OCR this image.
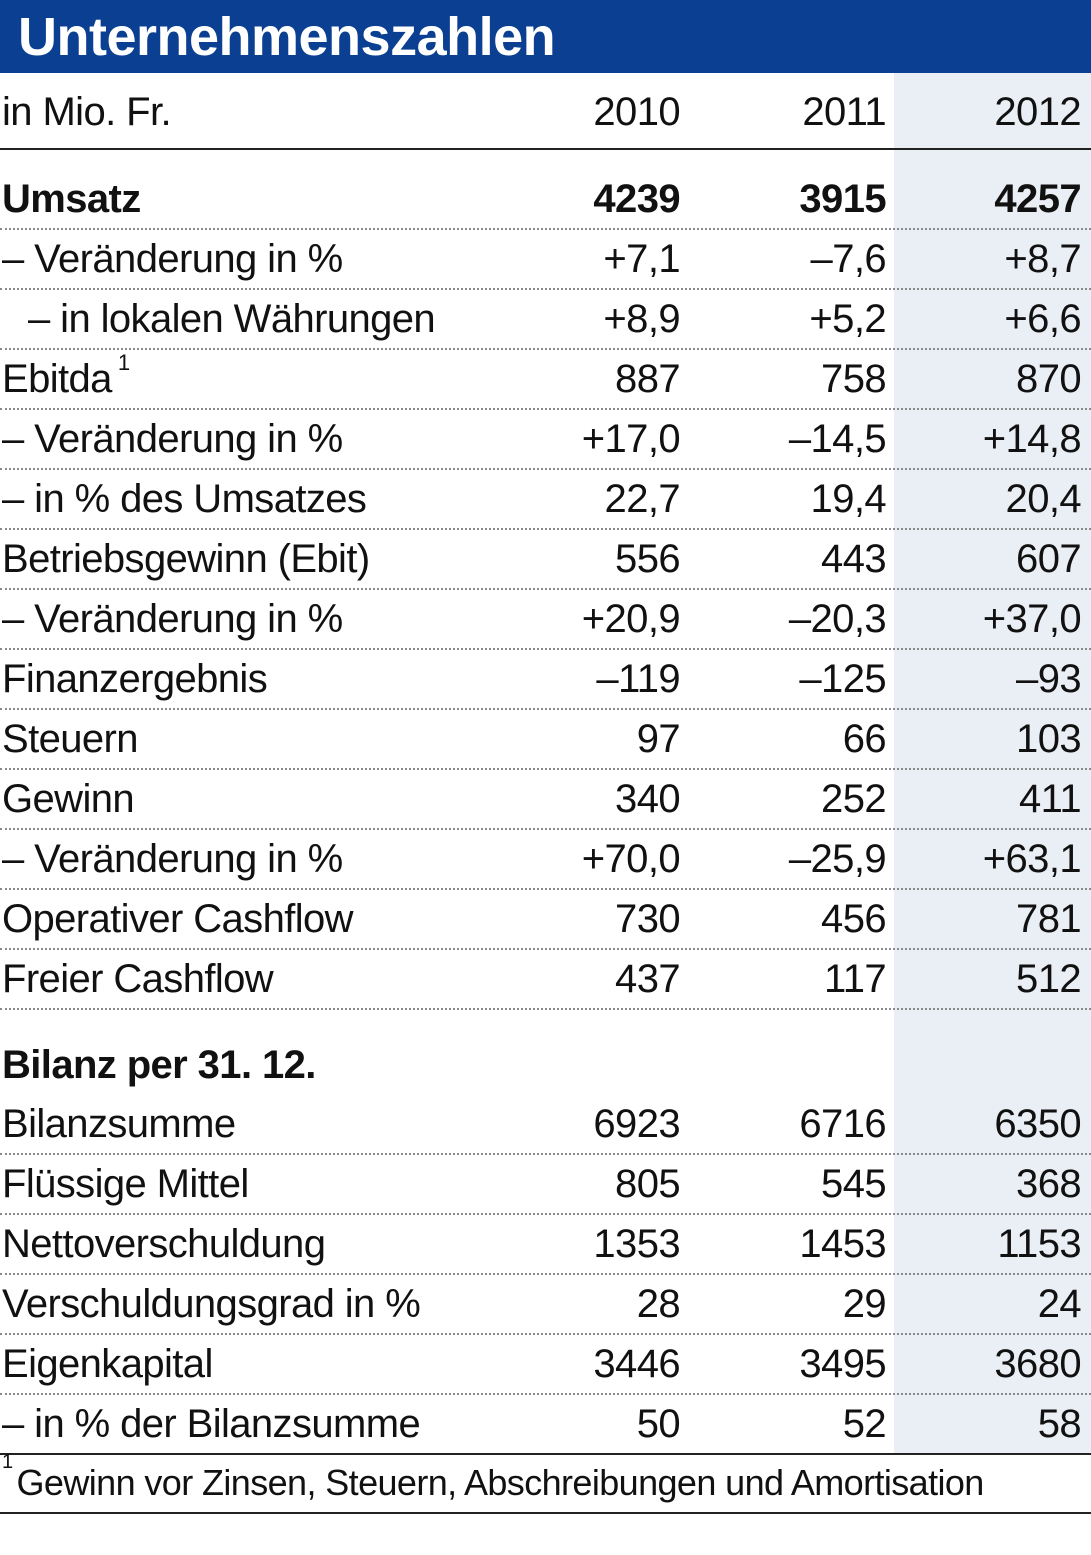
Unternehmenszahlen
in Mio. Fr.	2010	2011	2012
Umsatz	4239	3915	4257
– Veränderung in %	+7,1	–7,6	+8,7
– in lokalen Währungen	+8,9	+5,2	+6,6
Ebitda $^1$	887	758	870
– Veränderung in %	+17,0	–14,5 +14,8
– in % des Umsatzes	22,7	19,4	20,4
Betriebsgewinn (Ebit)	556	443	607
– Veränderung in %	+20,9	–20,3 +37,0
Finanzergebnis	–119	–125	–93
Steuern	97	66	103
Gewinn	340	252	411
– Veränderung in %	+70,0	–25,9 +63,1
Operativer Cashflow	730	456	781
Freier Cashflow	437	117	512
Bilanz per 31. 12.
Bilanzsumme	6923	6716	6350
Flüssige Mittel	805	545	368
Nettoverschuldung	1353	1453	1153
Verschuldungsgrad in %	28	29	24
Eigenkapital	3446	3495	3680
– in % der Bilanzsumme	50	52	58
$^1$ Gewinn vor Zinsen, Steuern, Abschreibungen und Amortisation
